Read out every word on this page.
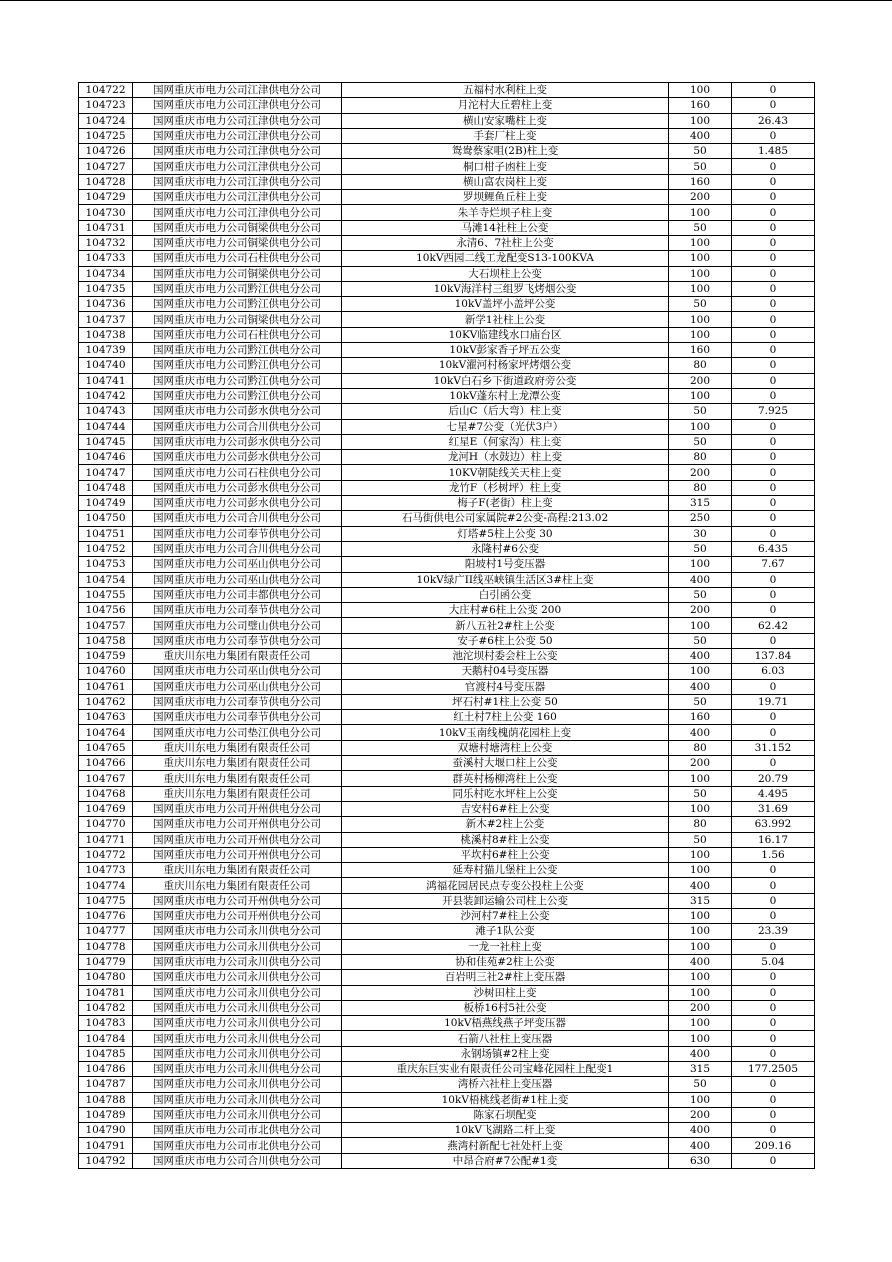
104722	国网重庆市电力公司江津供电分公司	五福村水利柱上变	100	0
104723	国网重庆市电力公司江津供电分公司	月沱村大丘碧柱上变	160	0
104724	国网重庆市电力公司江津供电分公司	横山安家嘴柱上变	100	26.43
104725	国网重庆市电力公司江津供电分公司	手套厂柱上变	400	0
104726	国网重庆市电力公司江津供电分公司	鸳鸯蔡家咀(2B)柱上变	50	1.485
104727	国网重庆市电力公司江津供电分公司	桐口柑子凼柱上变	50	0
104728	国网重庆市电力公司江津供电分公司	横山富农岗柱上变	160	0
104729	国网重庆市电力公司江津供电分公司	罗坝鲤鱼丘柱上变	200	0
104730	国网重庆市电力公司江津供电分公司	朱羊寺烂坝子柱上变	100	0
104731	国网重庆市电力公司铜梁供电分公司	马滩14社柱上公变	50	0
104732	国网重庆市电力公司铜梁供电分公司	永清6、7社柱上公变	100	0
104733	国网重庆市电力公司石柱供电分公司	10kV西园二线工龙配变S13-100KVA	100	0
104734	国网重庆市电力公司铜梁供电分公司	大石坝柱上公变	100	0
104735	国网重庆市电力公司黔江供电分公司	10kV海洋村三组罗飞烤烟公变	100	0
104736	国网重庆市电力公司黔江供电分公司	10kV盖坪小盖坪公变	50	0
104737	国网重庆市电力公司铜梁供电分公司	新学1社柱上公变	100	0
104738	国网重庆市电力公司石柱供电分公司	10KV临建线水口庙台区	100	0
104739	国网重庆市电力公司黔江供电分公司	10kV彭家香子坪五公变	160	0
104740	国网重庆市电力公司黔江供电分公司	10kV濯河村杨家坪烤烟公变	80	0
104741	国网重庆市电力公司黔江供电分公司	10kV白石乡下街道政府旁公变	200	0
104742	国网重庆市电力公司黔江供电分公司	10kV蓬东村上龙潭公变	100	0
104743	国网重庆市电力公司彭水供电分公司	后山C（后大弯）柱上变	50	7.925
104744	国网重庆市电力公司合川供电分公司	七星#7公变（光伏3户）	100	0
104745	国网重庆市电力公司彭水供电分公司	红星E（何家沟）柱上变	50	0
104746	国网重庆市电力公司彭水供电分公司	龙河H（水鼓边）柱上变	80	0
104747	国网重庆市电力公司石柱供电分公司	10KV朝陡线关天柱上变	200	0
104748	国网重庆市电力公司彭水供电分公司	龙竹F（杉树坪）柱上变	80	0
104749	国网重庆市电力公司彭水供电分公司	梅子F(老街）柱上变	315	0
104750	国网重庆市电力公司合川供电分公司	石马街供电公司家属院#2公变-高程:213.02	250	0
104751	国网重庆市电力公司奉节供电分公司	灯塔#5柱上公变 30	30	0
104752	国网重庆市电力公司合川供电分公司	永隆村#6公变	50	6.435
104753	国网重庆市电力公司巫山供电分公司	阳坡村1号变压器	100	7.67
104754	国网重庆市电力公司巫山供电分公司	10kV绿广II线巫峡镇生活区3#柱上变	400	0
104755	国网重庆市电力公司丰都供电分公司	白引函公变	50	0
104756	国网重庆市电力公司奉节供电分公司	大庄村#6柱上公变 200	200	0
104757	国网重庆市电力公司璧山供电分公司	新八五社2#柱上公变	100	62.42
104758	国网重庆市电力公司奉节供电分公司	安子#6柱上公变 50	50	0
104759	重庆川东电力集团有限责任公司	池沱坝村委会柱上公变	400	137.84
104760	国网重庆市电力公司巫山供电分公司	天鹅村04号变压器	100	6.03
104761	国网重庆市电力公司巫山供电分公司	官渡村4号变压器	400	0
104762	国网重庆市电力公司奉节供电分公司	坪石村#1柱上公变 50	50	19.71
104763	国网重庆市电力公司奉节供电分公司	红土村7柱上公变 160	160	0
104764	国网重庆市电力公司垫江供电分公司	10kV玉南线槐荫花园柱上变	400	0
104765	重庆川东电力集团有限责任公司	双塘村塘湾柱上公变	80	31.152
104766	重庆川东电力集团有限责任公司	蚕溪村大堰口柱上公变	200	0
104767	重庆川东电力集团有限责任公司	群英村杨柳湾柱上公变	100	20.79
104768	重庆川东电力集团有限责任公司	同乐村吃水坪柱上公变	50	4.495
104769	国网重庆市电力公司开州供电分公司	吉安村6#柱上公变	100	31.69
104770	国网重庆市电力公司开州供电分公司	新木#2柱上公变	80	63.992
104771	国网重庆市电力公司开州供电分公司	桃溪村8#柱上公变	50	16.17
104772	国网重庆市电力公司开州供电分公司	平坎村6#柱上公变	100	1.56
104773	重庆川东电力集团有限责任公司	延寿村猫儿堡柱上公变	100	0
104774	重庆川东电力集团有限责任公司	鸿福花园居民点专变公投柱上公变	400	0
104775	国网重庆市电力公司开州供电分公司	开县装卸运输公司柱上公变	315	0
104776	国网重庆市电力公司开州供电分公司	沙河村7#柱上公变	100	0
104777	国网重庆市电力公司永川供电分公司	滩子1队公变	100	23.39
104778	国网重庆市电力公司永川供电分公司	一龙一社柱上变	100	0
104779	国网重庆市电力公司永川供电分公司	协和佳苑#2柱上公变	400	5.04
104780	国网重庆市电力公司永川供电分公司	百岩明三社2#柱上变压器	100	0
104781	国网重庆市电力公司永川供电分公司	沙树田柱上变	100	0
104782	国网重庆市电力公司永川供电分公司	板桥16村5社公变	200	0
104783	国网重庆市电力公司永川供电分公司	10kV梧燕线燕子坪变压器	100	0
104784	国网重庆市电力公司永川供电分公司	石箭八社柱上变压器	100	0
104785	国网重庆市电力公司永川供电分公司	永钢场镇#2柱上变	400	0
104786	国网重庆市电力公司永川供电分公司	重庆东巨实业有限责任公司宝峰花园柱上配变1	315	177.2505
104787	国网重庆市电力公司永川供电分公司	湾桥六社柱上变压器	50	0
104788	国网重庆市电力公司永川供电分公司	10kV梧桃线老街#1柱上变	100	0
104789	国网重庆市电力公司永川供电分公司	陈家石坝配变	200	0
104790	国网重庆市电力公司市北供电分公司	10kV飞湖路二杆上变	400	0
104791	国网重庆市电力公司市北供电分公司	燕湾村新配七社处杆上变	400	209.16
104792	国网重庆市电力公司合川供电分公司	中昂合府#7公配#1变	630	0
